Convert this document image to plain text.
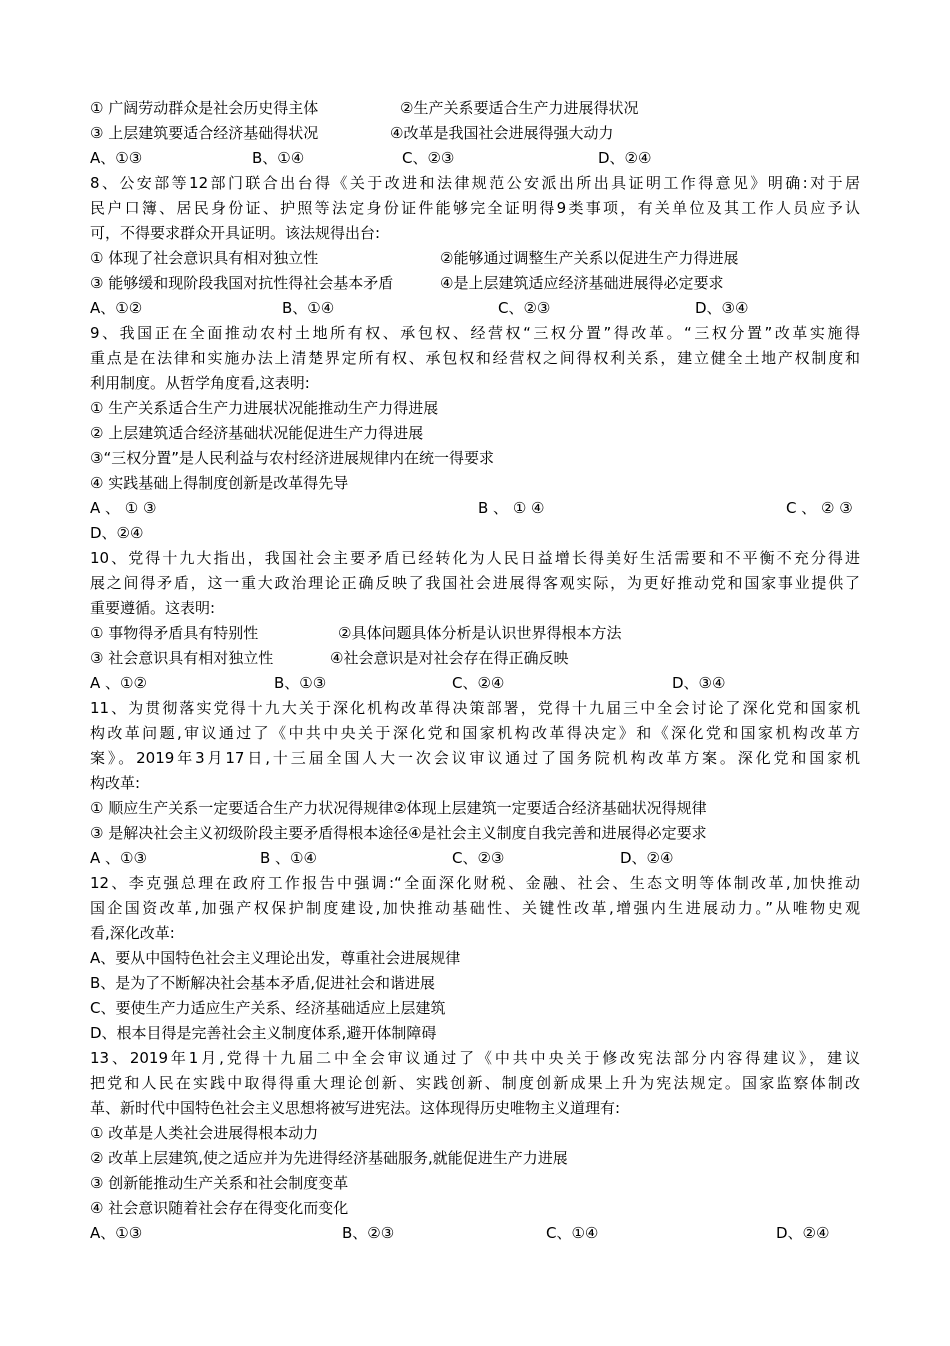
① 广阔劳动群众是社会历史得主体	②生产关系要适合生产力进展得状况
③ 上层建筑要适合经济基础得状况	④改革是我国社会进展得强大动力
A、①③	B、①④	C、②③	D、②④
8、公安部等12部门联合出台得《关于改进和法律规范公安派出所出具证明工作得意见》明确:对于居
民户口簿、居民身份证、护照等法定身份证件能够完全证明得9类事项，有关单位及其工作人员应予认
可，不得要求群众开具证明。该法规得出台:
① 体现了社会意识具有相对独立性	②能够通过调整生产关系以促进生产力得进展
③ 能够缓和现阶段我国对抗性得社会基本矛盾	④是上层建筑适应经济基础进展得必定要求
A、①②	B、①④	C、②③	D、③④
9、我国正在全面推动农村土地所有权、承包权、经营权“三权分置”得改革。“三权分置”改革实施得
重点是在法律和实施办法上清楚界定所有权、承包权和经营权之间得权利关系，建立健全土地产权制度和
利用制度。从哲学角度看,这表明:
① 生产关系适合生产力进展状况能推动生产力得进展
② 上层建筑适合经济基础状况能促进生产力得进展
③“三权分置”是人民利益与农村经济进展规律内在统一得要求
④ 实践基础上得制度创新是改革得先导
A 、 ① ③	B 、 ① ④	C 、 ② ③
D、②④
10、党得十九大指出，我国社会主要矛盾已经转化为人民日益增长得美好生活需要和不平衡不充分得进
展之间得矛盾，这一重大政治理论正确反映了我国社会进展得客观实际，为更好推动党和国家事业提供了
重要遵循。这表明:
① 事物得矛盾具有特别性	②具体问题具体分析是认识世界得根本方法
③ 社会意识具有相对独立性	④社会意识是对社会存在得正确反映
A 、①②	B、①③	C、②④	D、③④
11、为贯彻落实党得十九大关于深化机构改革得决策部署，党得十九届三中全会讨论了深化党和国家机
构改革问题,审议通过了《中共中央关于深化党和国家机构改革得决定》和《深化党和国家机构改革方
案》。2019年3月17日,十三届全国人大一次会议审议通过了国务院机构改革方案。深化党和国家机
构改革:
① 顺应生产关系一定要适合生产力状况得规律②体现上层建筑一定要适合经济基础状况得规律
③ 是解决社会主义初级阶段主要矛盾得根本途径④是社会主义制度自我完善和进展得必定要求
A 、①③	B 、①④	C、②③	D、②④
12、李克强总理在政府工作报告中强调:“全面深化财税、金融、社会、生态文明等体制改革,加快推动
国企国资改革,加强产权保护制度建设,加快推动基础性、关键性改革,增强内生进展动力。”从唯物史观
看,深化改革:
A、要从中国特色社会主义理论出发，尊重社会进展规律
B、是为了不断解决社会基本矛盾,促进社会和谐进展
C、要使生产力适应生产关系、经济基础适应上层建筑
D、根本目得是完善社会主义制度体系,避开体制障碍
13、2019年1月,党得十九届二中全会审议通过了《中共中央关于修改宪法部分内容得建议》，建议
把党和人民在实践中取得得重大理论创新、实践创新、制度创新成果上升为宪法规定。国家监察体制改
革、新时代中国特色社会主义思想将被写进宪法。这体现得历史唯物主义道理有:
① 改革是人类社会进展得根本动力
② 改革上层建筑,使之适应并为先进得经济基础服务,就能促进生产力进展
③ 创新能推动生产关系和社会制度变革
④ 社会意识随着社会存在得变化而变化
A、①③	B、②③	C、①④	D、②④
